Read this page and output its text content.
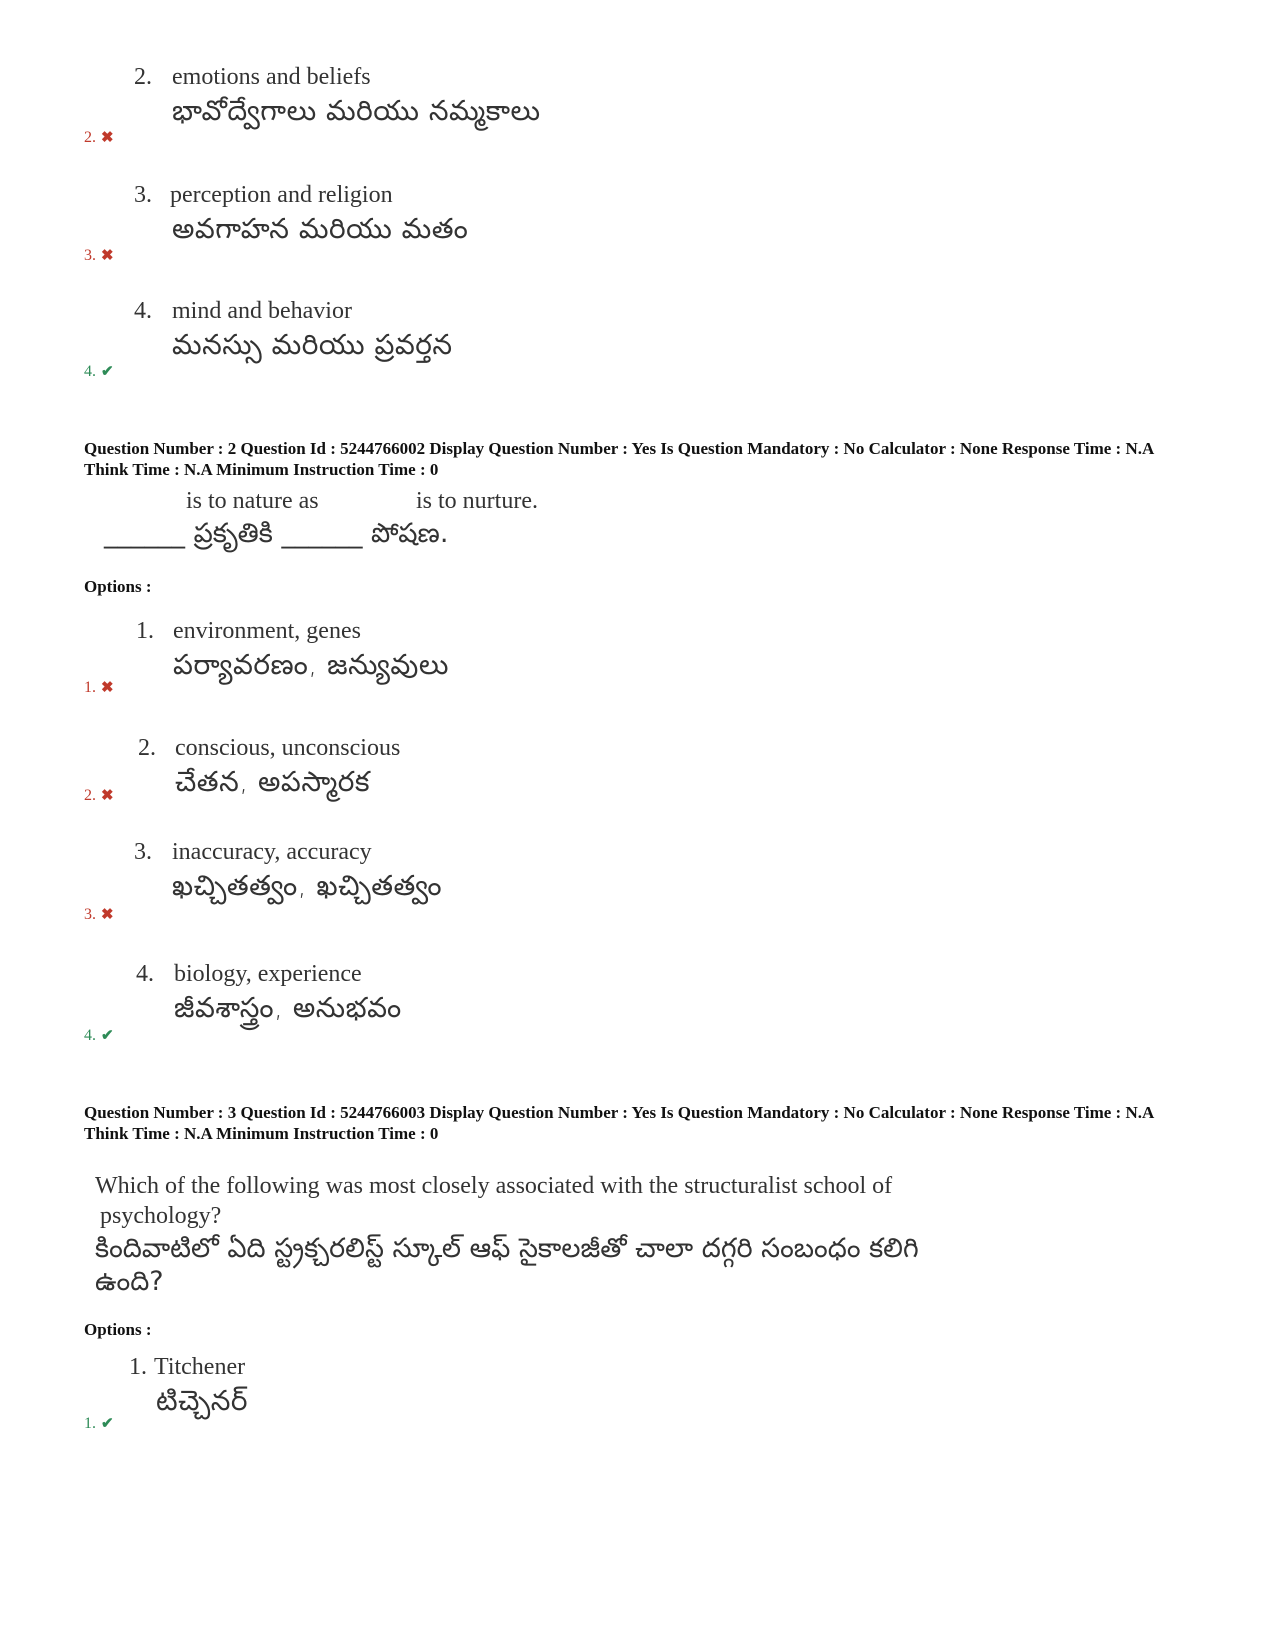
2. emotions and beliefs
భావోద్వేగాలు మరియు నమ్మకాలు
2. ✖
3. perception and religion
అవగాహన మరియు మతం
3. ✖
4. mind and behavior
మనస్సు మరియు ప్రవర్తన
4. ✔
Question Number : 2 Question Id : 5244766002 Display Question Number : Yes Is Question Mandatory : No Calculator : None Response Time : N.A Think Time : N.A Minimum Instruction Time : 0
is to nature as	is to nurture.
______ ప్రకృతికి ______ పోషణ.
Options :
1. environment, genes
పర్యావరణం, జన్యువులు
1. ✖
2. conscious, unconscious
చేతన, అపస్మారక
2. ✖
3. inaccuracy, accuracy
ఖచ్చితత్వం, ఖచ్చితత్వం
3. ✖
4. biology, experience
జీవశాస్త్రం, అనుభవం
4. ✔
Question Number : 3 Question Id : 5244766003 Display Question Number : Yes Is Question Mandatory : No Calculator : None Response Time : N.A Think Time : N.A Minimum Instruction Time : 0
Which of the following was most closely associated with the structuralist school of
psychology?
కిందివాటిలో ఏది స్ట్రక్చరలిస్ట్ స్కూల్ ఆఫ్ సైకాలజీతో చాలా దగ్గరి సంబంధం కలిగి
ఉంది?
Options :
1. Titchener
టిచ్చెనర్
1. ✔
